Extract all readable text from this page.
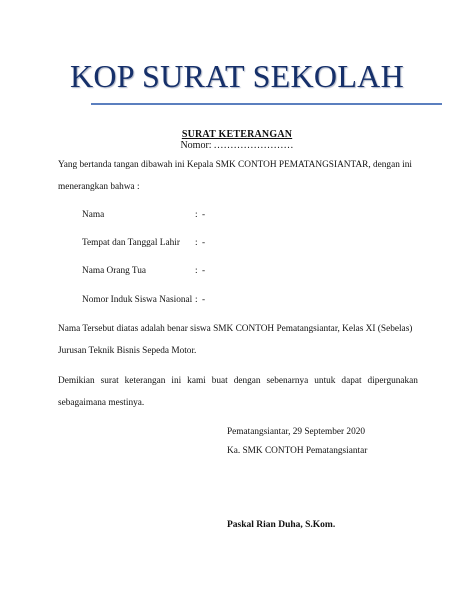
KOP SURAT SEKOLAH
SURAT KETERANGAN
Nomor: ……………………
Yang bertanda tangan dibawah ini Kepala SMK CONTOH PEMATANGSIANTAR, dengan ini
menerangkan bahwa :
Nama	: -
Tempat dan Tanggal Lahir : -
Nama Orang Tua	: -
Nomor Induk Siswa Nasional : -
Nama Tersebut diatas adalah benar siswa SMK CONTOH Pematangsiantar, Kelas XI (Sebelas)
Jurusan Teknik Bisnis Sepeda Motor.
Demikian surat keterangan ini kami buat dengan sebenarnya untuk dapat dipergunakan
sebagaimana mestinya.
Pematangsiantar, 29 September 2020
Ka. SMK CONTOH Pematangsiantar
Paskal Rian Duha, S.Kom.
